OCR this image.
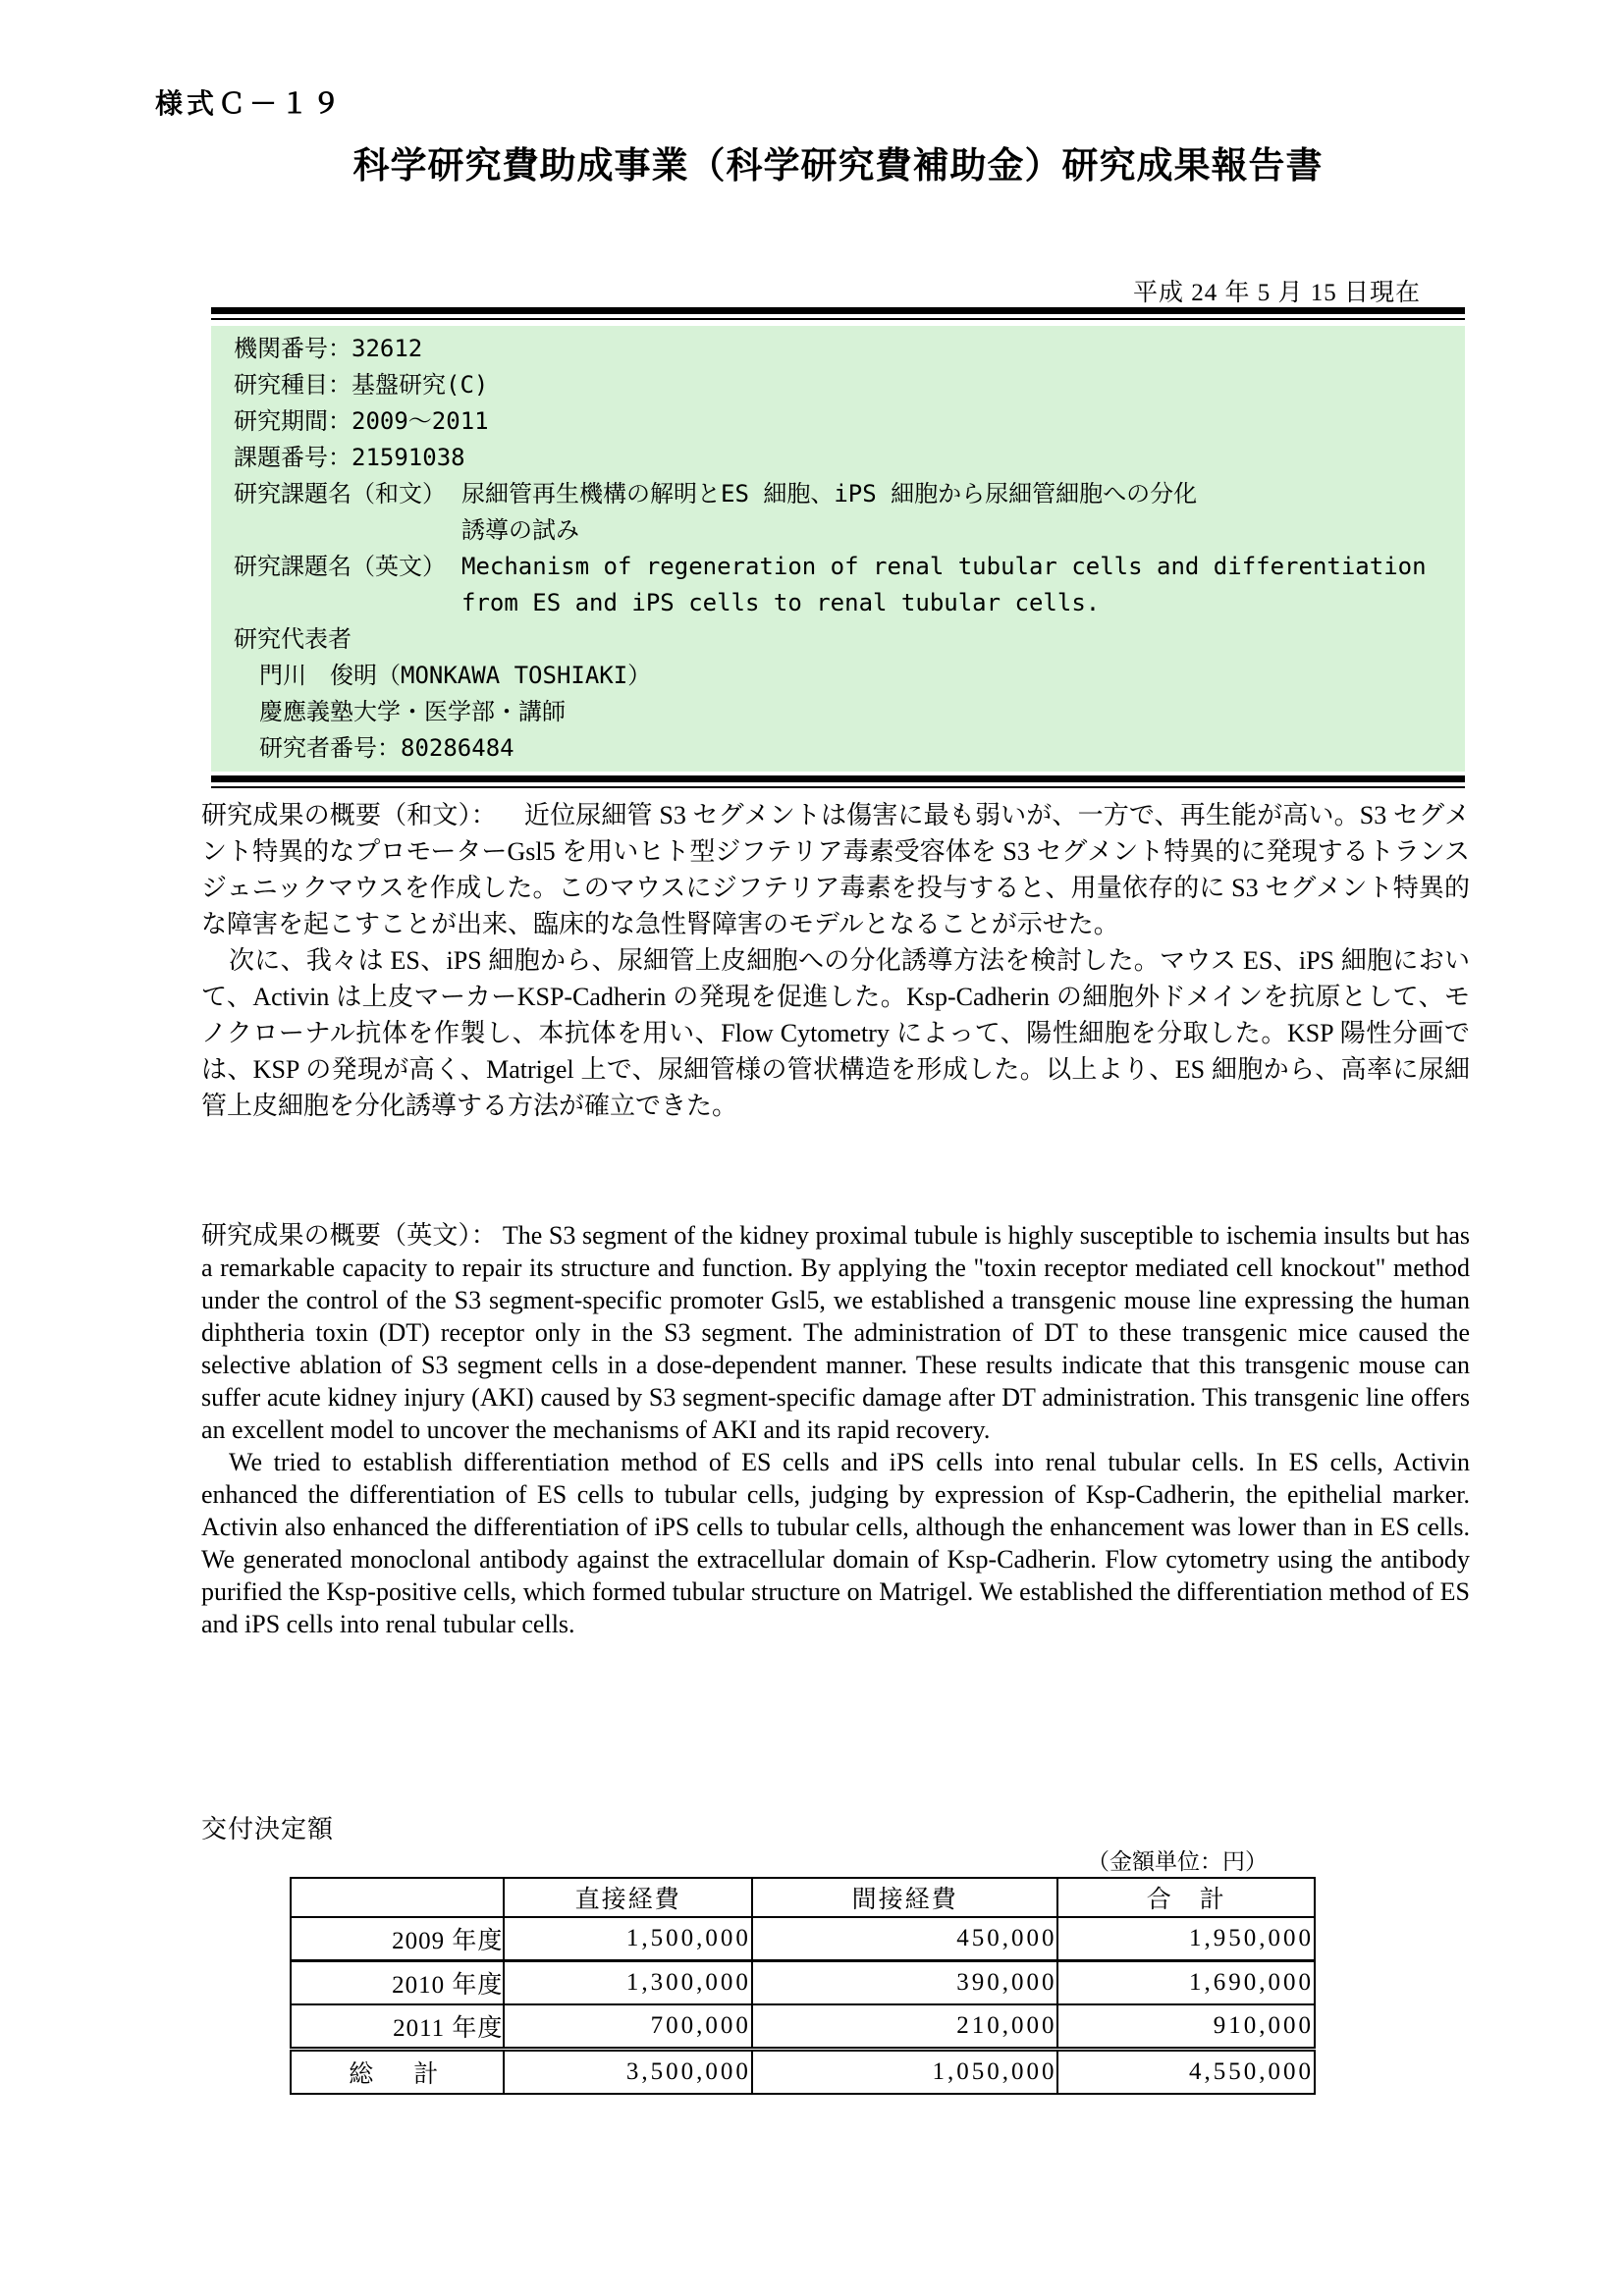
様式Ｃ－１９
科学研究費助成事業（科学研究費補助金）研究成果報告書
平成 24 年 5 月 15 日現在
機関番号：32612
研究種目：基盤研究(C)
研究期間：2009～2011
課題番号：21591038
研究課題名（和文） 尿細管再生機構の解明とES 細胞、iPS 細胞から尿細管細胞への分化
誘導の試み
研究課題名（英文） Mechanism of regeneration of renal tubular cells and differentiation
from ES and iPS cells to renal tubular cells.
研究代表者
門川　俊明（MONKAWA TOSHIAKI）
慶應義塾大学・医学部・講師
研究者番号：80286484

研究成果の概要（和文）： 近位尿細管 S3 セグメントは傷害に最も弱いが、一方で、再生能が高い。S3 セグメント特異的なプロモーターGsl5 を用いヒト型ジフテリア毒素受容体を S3 セグメント特異的に発現するトランスジェニックマウスを作成した。このマウスにジフテリア毒素を投与すると、用量依存的に S3 セグメント特異的な障害を起こすことが出来、臨床的な急性腎障害のモデルとなることが示せた。

次に、我々は ES、iPS 細胞から、尿細管上皮細胞への分化誘導方法を検討した。マウス ES、iPS 細胞において、Activin は上皮マーカーKSP-Cadherin の発現を促進した。Ksp-Cadherin の細胞外ドメインを抗原として、モノクローナル抗体を作製し、本抗体を用い、Flow Cytometry によって、陽性細胞を分取した。KSP 陽性分画では、KSP の発現が高く、Matrigel 上で、尿細管様の管状構造を形成した。以上より、ES 細胞から、高率に尿細管上皮細胞を分化誘導する方法が確立できた。

研究成果の概要（英文）： The S3 segment of the kidney proximal tubule is highly susceptible to ischemia insults but has a remarkable capacity to repair its structure and function. By applying the "toxin receptor mediated cell knockout" method under the control of the S3 segment-specific promoter Gsl5, we established a transgenic mouse line expressing the human diphtheria toxin (DT) receptor only in the S3 segment. The administration of DT to these transgenic mice caused the selective ablation of S3 segment cells in a dose-dependent manner. These results indicate that this transgenic mouse can suffer acute kidney injury (AKI) caused by S3 segment-specific damage after DT administration. This transgenic line offers an excellent model to uncover the mechanisms of AKI and its rapid recovery.

We tried to establish differentiation method of ES cells and iPS cells into renal tubular cells. In ES cells, Activin enhanced the differentiation of ES cells to tubular cells, judging by expression of Ksp-Cadherin, the epithelial marker. Activin also enhanced the differentiation of iPS cells to tubular cells, although the enhancement was lower than in ES cells. We generated monoclonal antibody against the extracellular domain of Ksp-Cadherin. Flow cytometry using the antibody purified the Ksp-positive cells, which formed tubular structure on Matrigel. We established the differentiation method of ES and iPS cells into renal tubular cells.

交付決定額
（金額単位：円）
	直接経費	間接経費	合　計
2009 年度	1,500,000	450,000	1,950,000
2010 年度	1,300,000	390,000	1,690,000
2011 年度	700,000	210,000	910,000
総　計	3,500,000	1,050,000	4,550,000
